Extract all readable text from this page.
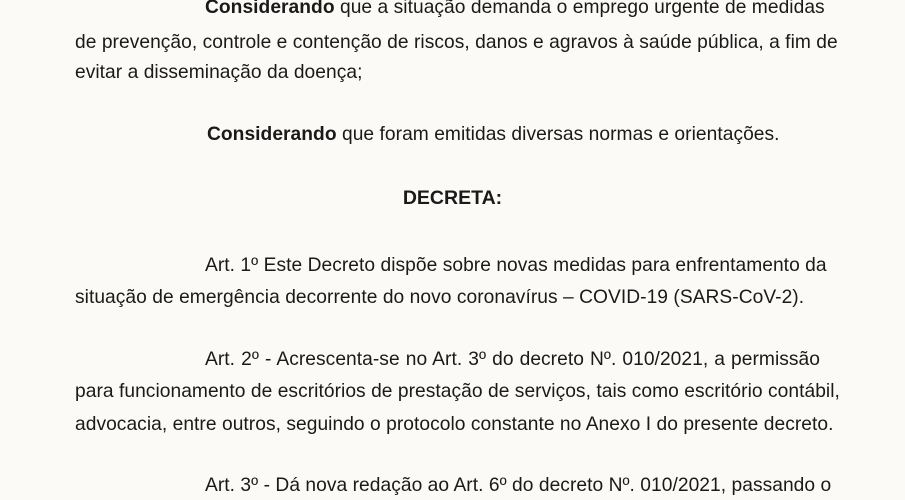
Considerando que a situação demanda o emprego urgente de medidas
de prevenção, controle e contenção de riscos, danos e agravos à saúde pública, a fim de
evitar a disseminação da doença;
Considerando que foram emitidas diversas normas e orientações.
DECRETA:
Art. 1º Este Decreto dispõe sobre novas medidas para enfrentamento da
situação de emergência decorrente do novo coronavírus – COVID-19 (SARS-CoV-2).
Art. 2º - Acrescenta-se no Art. 3º do decreto Nº. 010/2021, a permissão
para funcionamento de escritórios de prestação de serviços, tais como escritório contábil,
advocacia, entre outros, seguindo o protocolo constante no Anexo I do presente decreto.
Art. 3º - Dá nova redação ao Art. 6º do decreto Nº. 010/2021, passando o
